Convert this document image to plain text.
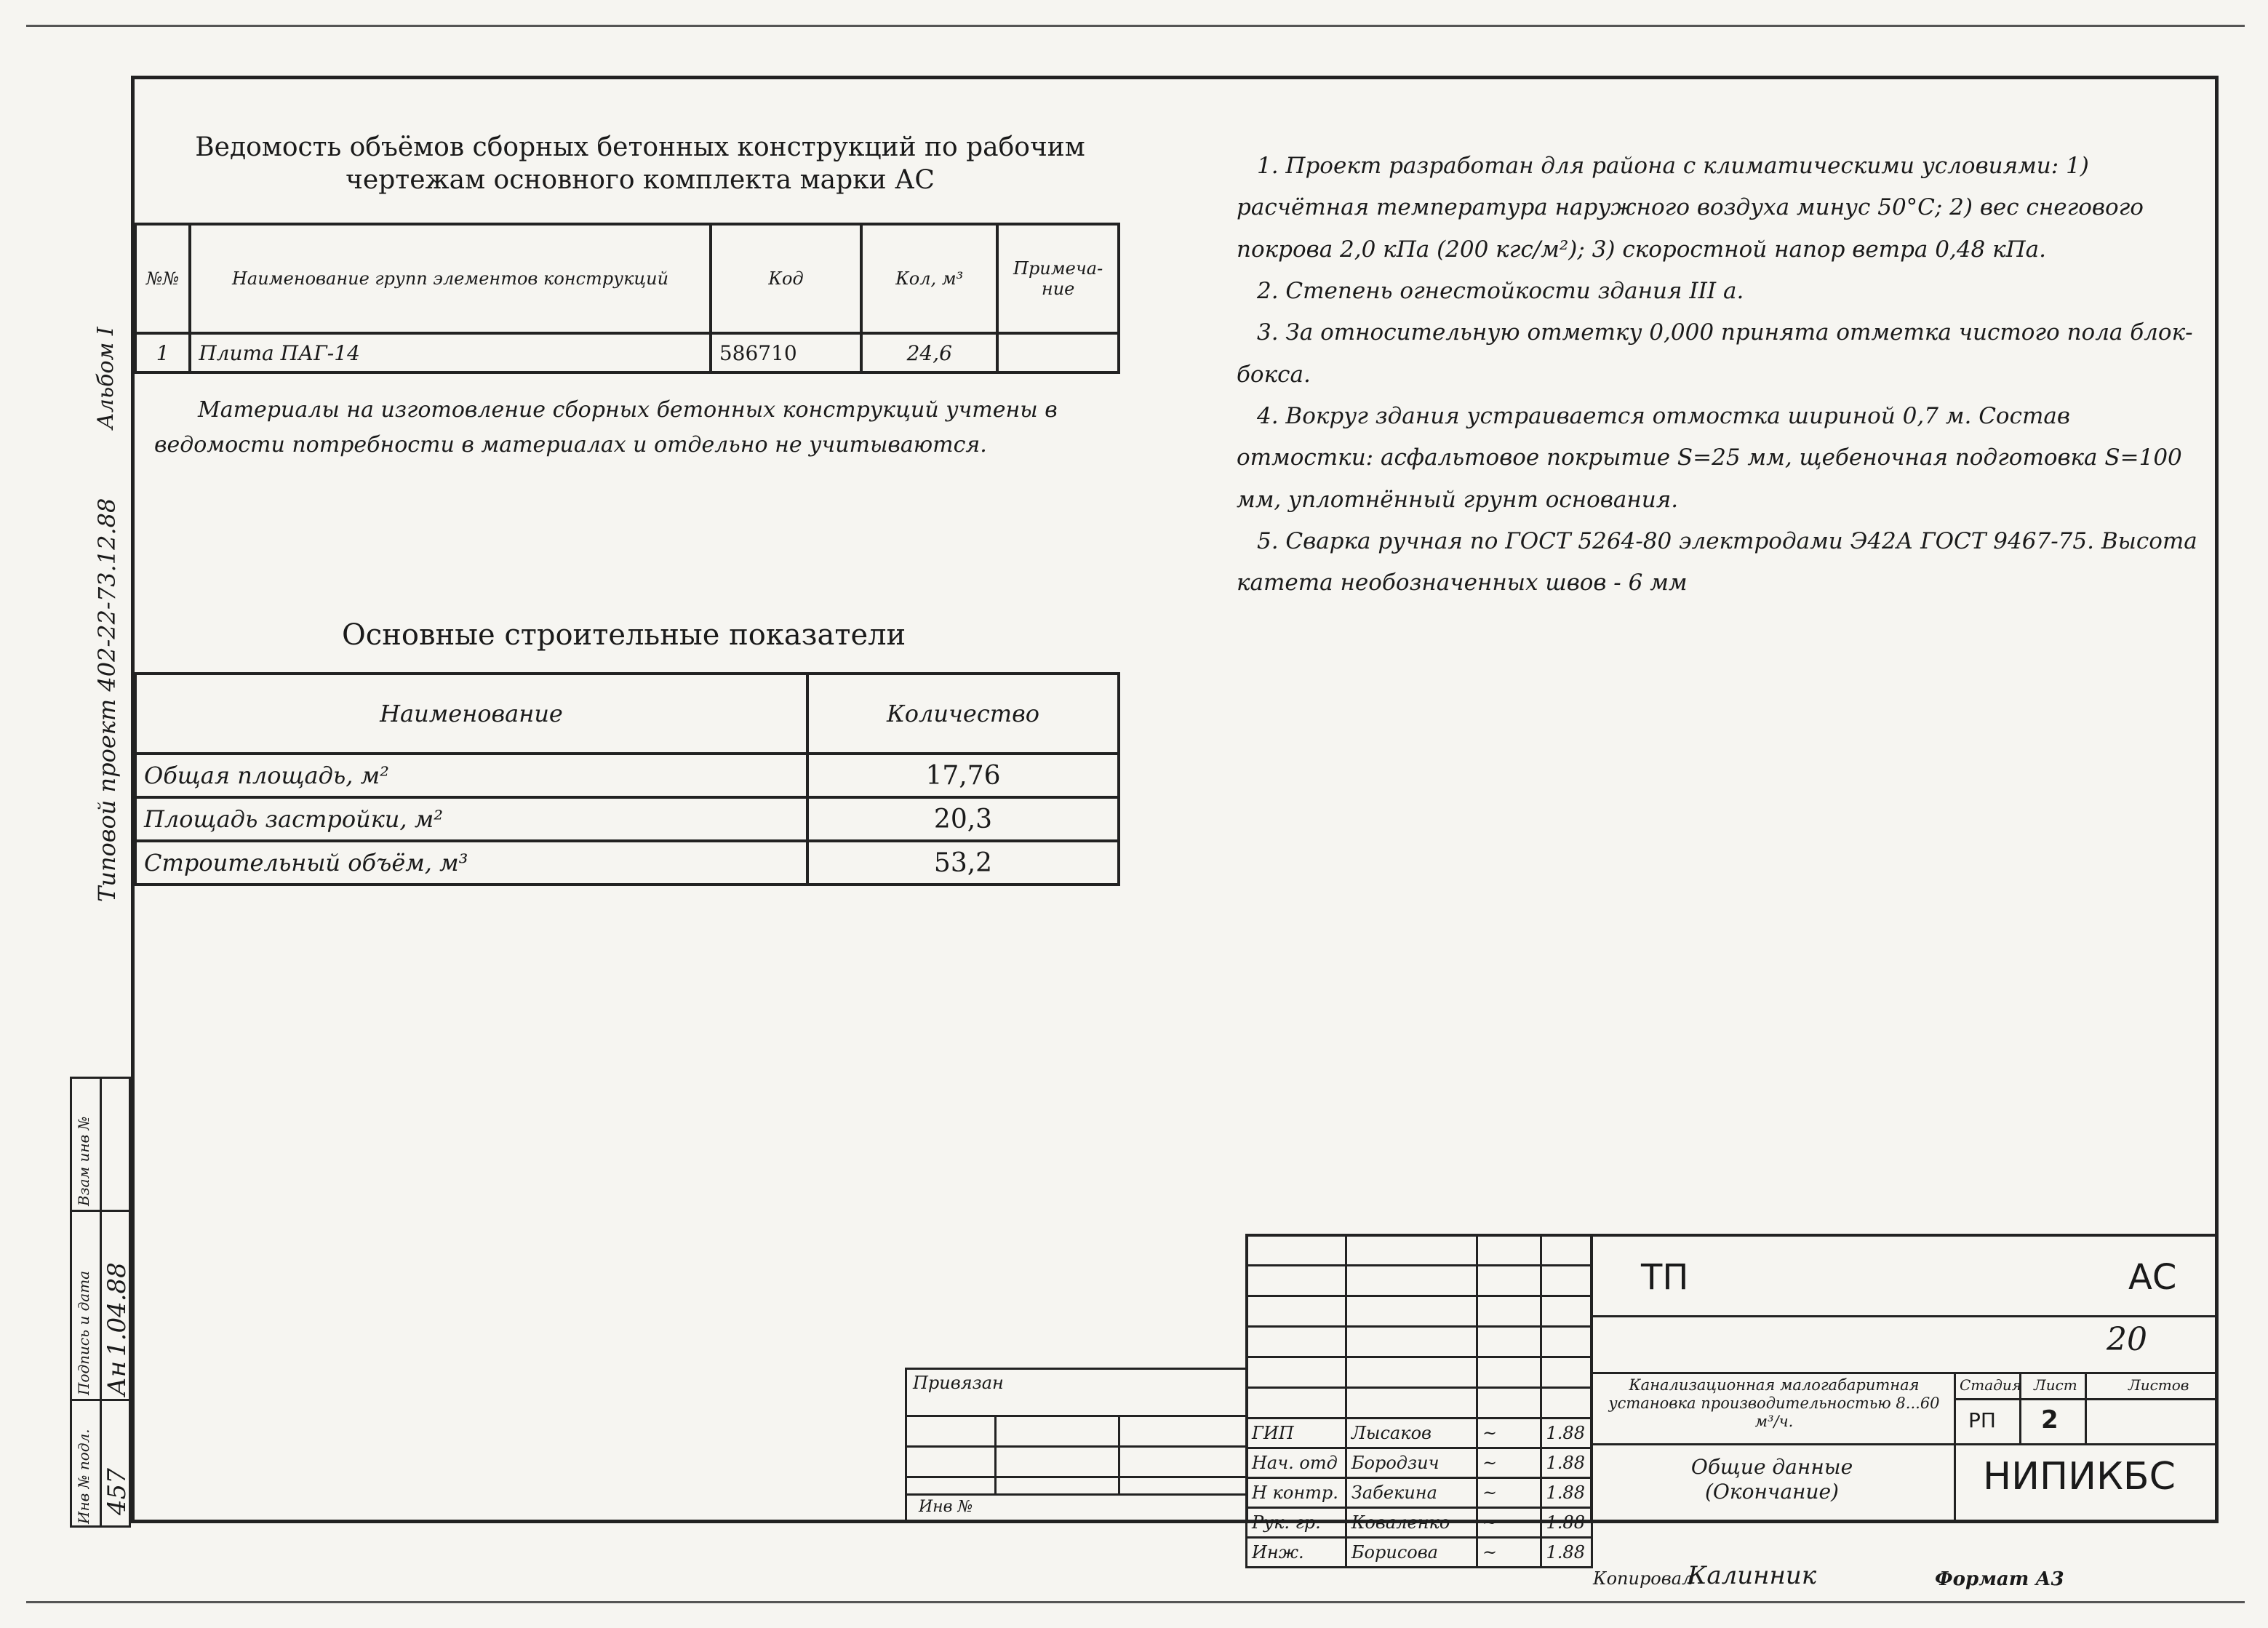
Альбом I
Типовой проект 402-22-73.12.88
Взам инв №
Подпись и дата
Инв № подл.
Ан
1.04.88
457
Ведомость объёмов сборных бетонных конструкций по рабочим чертежам основного комплекта марки АС
№№	Наименование групп элементов конструкций	Код	Кол, м³	Примеча-ние
1	Плита ПАГ-14	586710	24,6	
Материалы на изготовление сборных бетонных конструкций учтены в ведомости потребности в материалах и отдельно не учитываются.
Основные строительные показатели
Наименование	Количество
Общая площадь, м²	17,76
Площадь застройки, м²	20,3
Строительный объём, м³	53,2

1. Проект разработан для района с климатическими условиями: 1) расчётная температура наружного воздуха минус 50°С; 2) вес снегового покрова 2,0 кПа (200 кгс/м²); 3) скоростной напор ветра 0,48 кПа.

2. Степень огнестойкости здания III а.

3. За относительную отметку 0,000 принята отметка чистого пола блок-бокса.

4. Вокруг здания устраивается отмостка шириной 0,7 м. Состав отмостки: асфальтовое покрытие S=25 мм, щебеночная подготовка S=100 мм, уплотнённый грунт основания.

5. Сварка ручная по ГОСТ 5264-80 электродами Э42А ГОСТ 9467-75. Высота катета необозначенных швов - 6 мм

ГИП	Лысаков	~	1.88
Нач. отд	Бородзич	~	1.88
Н контр.	Забекина	~	1.88
Рук. гр.	Коваленко	~	1.88
Инж.	Борисова	~	1.88
ТП	АС
20
Канализационная малогабаритная установка производительностью 8...60 м³/ч.
Общие данные (Окончание)
Стадия Лист	Листов
РП 2
НИПИКБС
Привязан
Инв №
Копировал
Калинник	Формат А3
